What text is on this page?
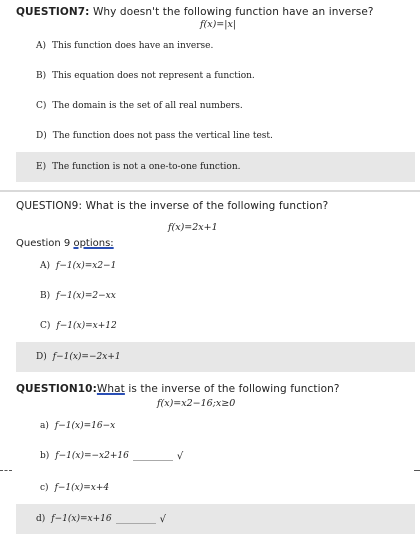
QUESTION7: Why doesn't the following function have an inverse?
f(x)=|x|
A) This function does have an inverse.
B) This equation does not represent a function.
C) The domain is the set of all real numbers.
D) The function does not pass the vertical line test.
E) The function is not a one-to-one function.
QUESTION9: What is the inverse of the following function?
f(x)=2x+1
Question 9 options:
A) f−1(x)=x2−1
B) f−1(x)=2−xx
C) f−1(x)=x+12
D) f−1(x)=−2x+1
QUESTION10:What is the inverse of the following function?
f(x)=x2−16;x≥0
a) f−1(x)=16−x
b) f−1(x)=−x2+16	√
c) f−1(x)=x+4
d) f−1(x)=x+16	√
